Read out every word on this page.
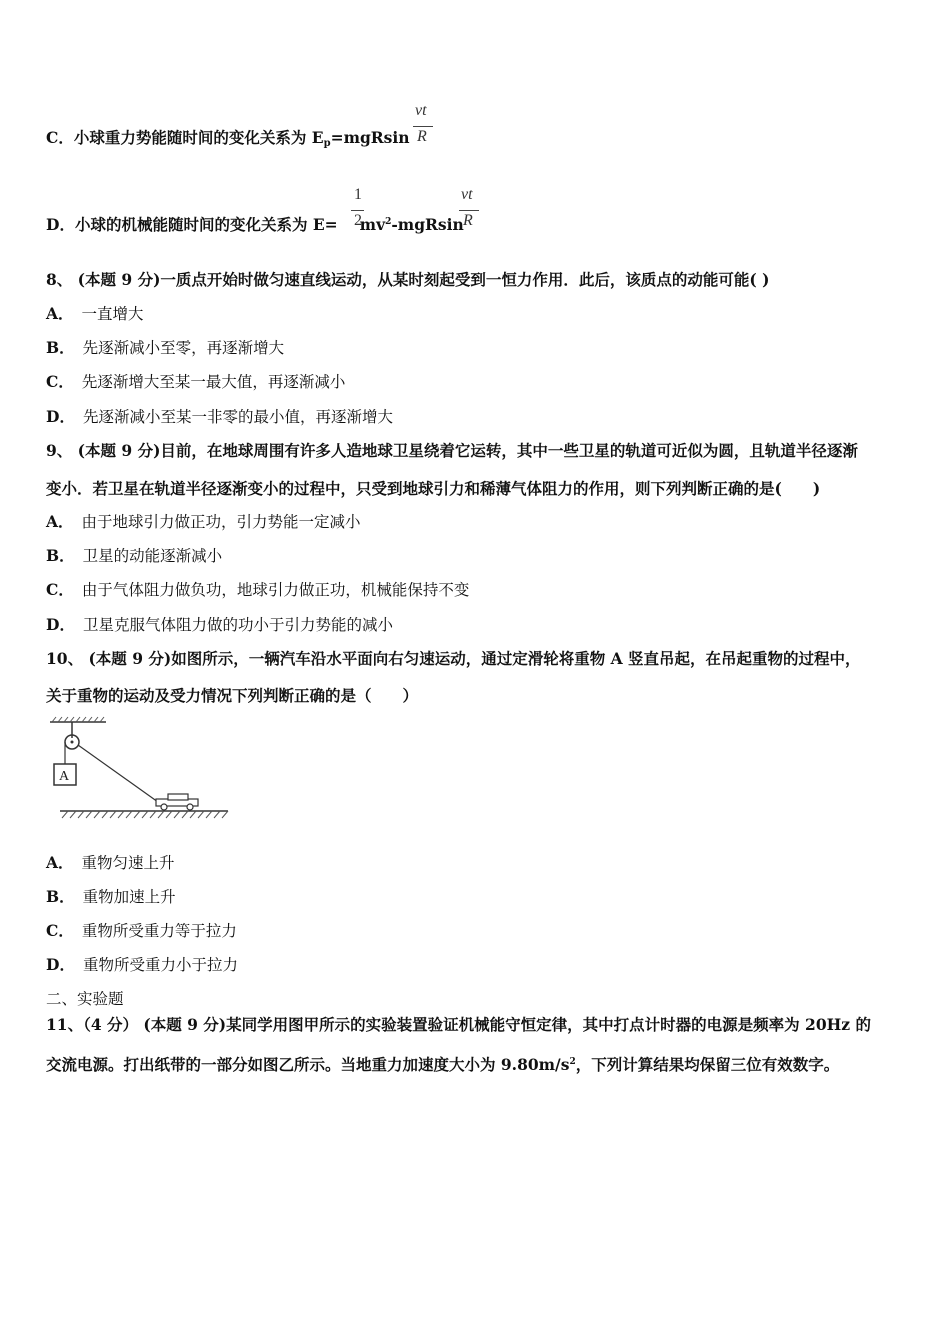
C．小球重力势能随时间的变化关系为 $E_p=mgRsin$
vt
R
D．小球的机械能随时间的变化关系为 $E= mv^2$-mgRsin
1
2
vt
R
8、 (本题 9 分)一质点开始时做匀速直线运动，从某时刻起受到一恒力作用．此后，该质点的动能可能( )
A． 一直增大
B． 先逐渐减小至零，再逐渐增大
C． 先逐渐增大至某一最大值，再逐渐减小
D． 先逐渐减小至某一非零的最小值，再逐渐增大
9、 (本题 9 分)目前，在地球周围有许多人造地球卫星绕着它运转，其中一些卫星的轨道可近似为圆，且轨道半径逐渐
变小．若卫星在轨道半径逐渐变小的过程中，只受到地球引力和稀薄气体阻力的作用，则下列判断正确的是(　　)
A． 由于地球引力做正功，引力势能一定减小
B． 卫星的动能逐渐减小
C． 由于气体阻力做负功，地球引力做正功，机械能保持不变
D． 卫星克服气体阻力做的功小于引力势能的减小
10、 (本题 9 分)如图所示，一辆汽车沿水平面向右匀速运动，通过定滑轮将重物 A 竖直吊起，在吊起重物的过程中，
关于重物的运动及受力情况下列判断正确的是（　　）
A
A． 重物匀速上升
B． 重物加速上升
C． 重物所受重力等于拉力
D． 重物所受重力小于拉力
二、实验题
11、（4 分） (本题 9 分)某同学用图甲所示的实验装置验证机械能守恒定律，其中打点计时器的电源是频率为 20Hz 的
交流电源。打出纸带的一部分如图乙所示。当地重力加速度大小为 $9.80m/s^2$，下列计算结果均保留三位有效数字。
